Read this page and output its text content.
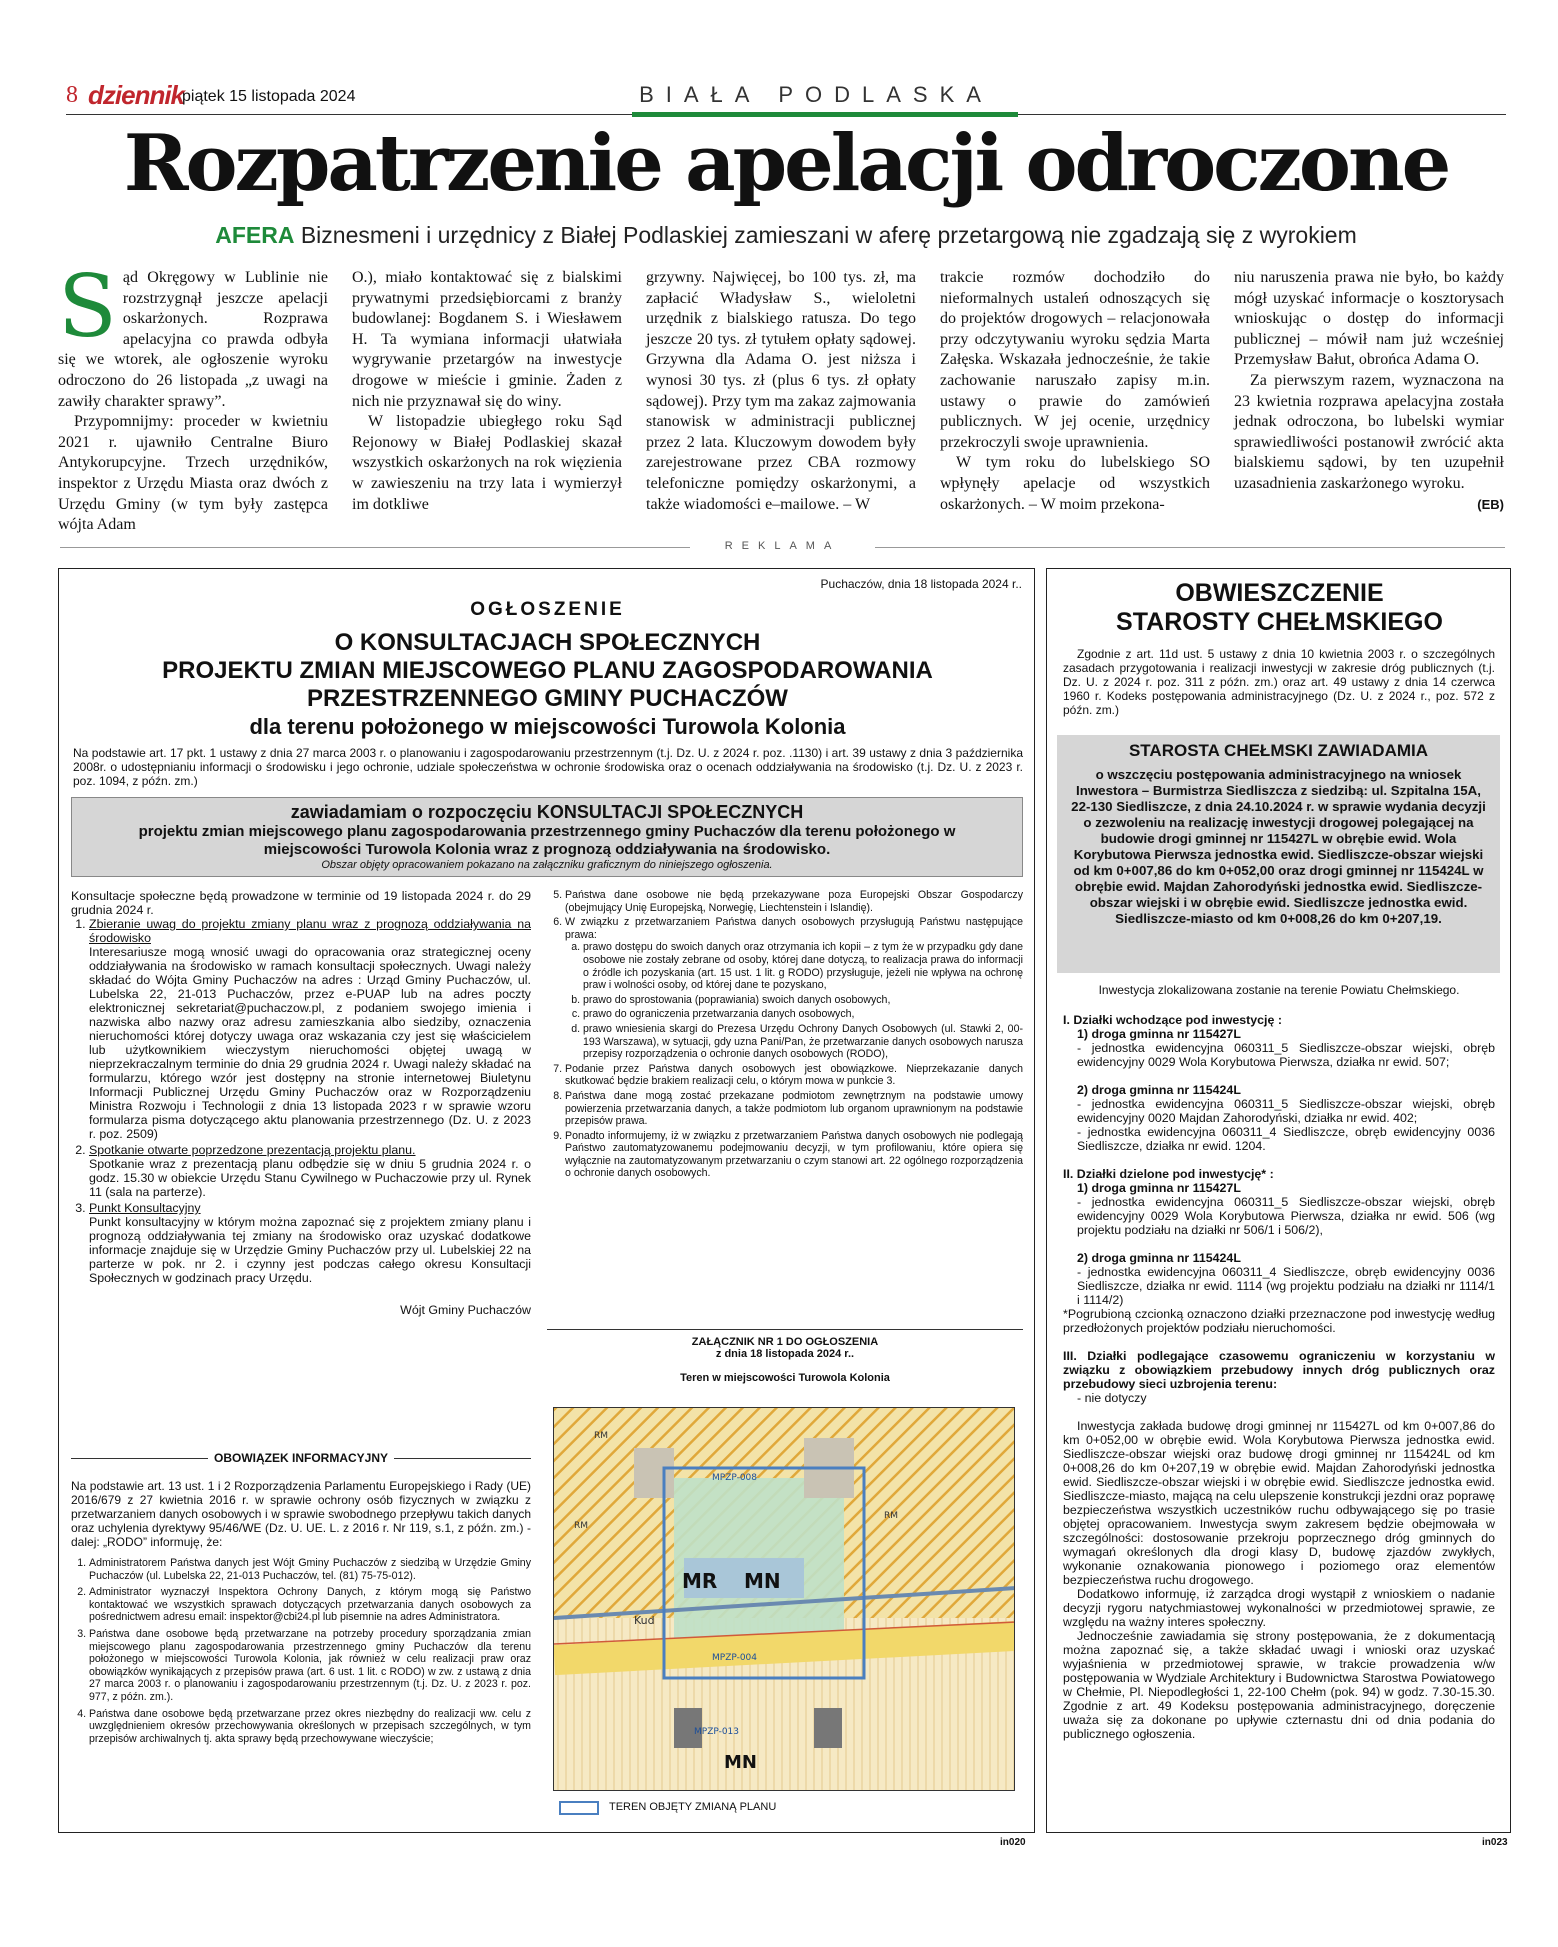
8 dziennik
piątek 15 listopada 2024	BIAŁA PODLASKA
Rozpatrzenie apelacji odroczone
AFERA Biznesmeni i urzędnicy z Białej Podlaskiej zamieszani w aferę przetargową nie zgadzają się z wyrokiem

Sąd Okręgowy w Lublinie nie rozstrzygnął jeszcze apelacji oskarżonych. Rozprawa apelacyjna co prawda odbyła się we wtorek, ale ogłoszenie wyroku odroczono do 26 listopada „z uwagi na zawiły charakter sprawy”.

Przypomnijmy: proceder w kwietniu 2021 r. ujawniło Centralne Biuro Antykorupcyjne. Trzech urzędników, inspektor z Urzędu Miasta oraz dwóch z Urzędu Gminy (w tym były zastępca wójta Adam

O.), miało kontaktować się z bialskimi prywatnymi przedsiębiorcami z branży budowlanej: Bogdanem S. i Wiesławem H. Ta wymiana informacji ułatwiała wygrywanie przetargów na inwestycje drogowe w mieście i gminie. Żaden z nich nie przyznawał się do winy.

W listopadzie ubiegłego roku Sąd Rejonowy w Białej Podlaskiej skazał wszystkich oskarżonych na rok więzienia w zawieszeniu na trzy lata i wymierzył im dotkliwe

grzywny. Najwięcej, bo 100 tys. zł, ma zapłacić Władysław S., wieloletni urzędnik z bialskiego ratusza. Do tego jeszcze 20 tys. zł tytułem opłaty sądowej. Grzywna dla Adama O. jest niższa i wynosi 30 tys. zł (plus 6 tys. zł opłaty sądowej). Przy tym ma zakaz zajmowania stanowisk w administracji publicznej przez 2 lata. Kluczowym dowodem były zarejestrowane przez CBA rozmowy telefoniczne pomiędzy oskarżonymi, a także wiadomości e–mailowe. – W

trakcie rozmów dochodziło do nieformalnych ustaleń odnoszących się do projektów drogowych – relacjonowała przy odczytywaniu wyroku sędzia Marta Załęska. Wskazała jednocześnie, że takie zachowanie naruszało zapisy m.in. ustawy o prawie do zamówień publicznych. W jej ocenie, urzędnicy przekroczyli swoje uprawnienia.

W tym roku do lubelskiego SO wpłynęły apelacje od wszystkich oskarżonych. – W moim przekona-

niu naruszenia prawa nie było, bo każdy mógł uzyskać informacje o kosztorysach wnioskując o dostęp do informacji publicznej – mówił nam już wcześniej Przemysław Bałut, obrońca Adama O.

Za pierwszym razem, wyznaczona na 23 kwietnia rozprawa apelacyjna została jednak odroczona, bo lubelski wymiar sprawiedliwości postanowił zwrócić akta bialskiemu sądowi, by ten uzupełnił uzasadnienia zaskarżonego wyroku.
(EB)

REKLAMA
Puchaczów, dnia 18 listopada 2024 r..
OGŁOSZENIE
O KONSULTACJACH SPOŁECZNYCH
PROJEKTU ZMIAN MIEJSCOWEGO PLANU ZAGOSPODAROWANIA
PRZESTRZENNEGO GMINY PUCHACZÓW
dla terenu położonego w miejscowości Turowola Kolonia
Na podstawie art. 17 pkt. 1 ustawy z dnia 27 marca 2003 r. o planowaniu i zagospodarowaniu przestrzennym (t.j. Dz. U. z 2024 r. poz. .1130) i art. 39 ustawy z dnia 3 października 2008r. o udostępnianiu informacji o środowisku i jego ochronie, udziale społeczeństwa w ochronie środowiska oraz o ocenach oddziaływania na środowisko (t.j. Dz. U. z 2023 r. poz. 1094, z późn. zm.)
zawiadamiam o rozpoczęciu KONSULTACJI SPOŁECZNYCH
projektu zmian miejscowego planu zagospodarowania przestrzennego gminy Puchaczów dla terenu położonego w miejscowości Turowola Kolonia wraz z prognozą oddziaływania na środowisko.
Obszar objęty opracowaniem pokazano na załączniku graficznym do niniejszego ogłoszenia.
Konsultacje społeczne będą prowadzone w terminie od 19 listopada 2024 r. do 29 grudnia 2024 r.
1. Zbieranie uwag do projektu zmiany planu wraz z prognozą oddziaływania na środowisko
Interesariusze mogą wnosić uwagi do opracowania oraz strategicznej oceny oddziaływania na środowisko w ramach konsultacji społecznych. Uwagi należy składać do Wójta Gminy Puchaczów na adres : Urząd Gminy Puchaczów, ul. Lubelska 22, 21-013 Puchaczów, przez e-PUAP lub na adres poczty elektronicznej sekretariat@puchaczow.pl, z podaniem swojego imienia i nazwiska albo nazwy oraz adresu zamieszkania albo siedziby, oznaczenia nieruchomości której dotyczy uwaga oraz wskazania czy jest się właścicielem lub użytkownikiem wieczystym nieruchomości objętej uwagą w nieprzekraczalnym terminie do dnia 29 grudnia 2024 r. Uwagi należy składać na formularzu, którego wzór jest dostępny na stronie internetowej Biuletynu Informacji Publicznej Urzędu Gminy Puchaczów oraz w Rozporządzeniu Ministra Rozwoju i Technologii z dnia 13 listopada 2023 r w sprawie wzoru formularza pisma dotyczącego aktu planowania przestrzennego (Dz. U. z 2023 r. poz. 2509)
2. Spotkanie otwarte poprzedzone prezentacją projektu planu.
Spotkanie wraz z prezentacją planu odbędzie się w dniu 5 grudnia 2024 r. o godz. 15.30 w obiekcie Urzędu Stanu Cywilnego w Puchaczowie przy ul. Rynek 11 (sala na parterze).
3. Punkt Konsultacyjny
Punkt konsultacyjny w którym można zapoznać się z projektem zmiany planu i prognozą oddziaływania tej zmiany na środowisko oraz uzyskać dodatkowe informacje znajduje się w Urzędzie Gminy Puchaczów przy ul. Lubelskiej 22 na parterze w pok. nr 2. i czynny jest podczas całego okresu Konsultacji Społecznych w godzinach pracy Urzędu.
Wójt Gminy Puchaczów
OBOWIĄZEK INFORMACYJNY
Na podstawie art. 13 ust. 1 i 2 Rozporządzenia Parlamentu Europejskiego i Rady (UE) 2016/679 z 27 kwietnia 2016 r. w sprawie ochrony osób fizycznych w związku z przetwarzaniem danych osobowych i w sprawie swobodnego przepływu takich danych oraz uchylenia dyrektywy 95/46/WE (Dz. U. UE. L. z 2016 r. Nr 119, s.1, z późn. zm.) - dalej: „RODO” informuję, że:
1. Administratorem Państwa danych jest Wójt Gminy Puchaczów z siedzibą w Urzędzie Gminy Puchaczów (ul. Lubelska 22, 21-013 Puchaczów, tel. (81) 75-75-012).
2. Administrator wyznaczył Inspektora Ochrony Danych, z którym mogą się Państwo kontaktować we wszystkich sprawach dotyczących przetwarzania danych osobowych za pośrednictwem adresu email: inspektor@cbi24.pl lub pisemnie na adres Administratora.
3. Państwa dane osobowe będą przetwarzane na potrzeby procedury sporządzania zmian miejscowego planu zagospodarowania przestrzennego gminy Puchaczów dla terenu położonego w miejscowości Turowola Kolonia, jak również w celu realizacji praw oraz obowiązków wynikających z przepisów prawa (art. 6 ust. 1 lit. c RODO) w zw. z ustawą z dnia 27 marca 2003 r. o planowaniu i zagospodarowaniu przestrzennym (t.j. Dz. U. z 2023 r. poz. 977, z późn. zm.).
4. Państwa dane osobowe będą przetwarzane przez okres niezbędny do realizacji ww. celu z uwzględnieniem okresów przechowywania określonych w przepisach szczególnych, w tym przepisów archiwalnych tj. akta sprawy będą przechowywane wieczyście;
5. Państwa dane osobowe nie będą przekazywane poza Europejski Obszar Gospodarczy (obejmujący Unię Europejską, Norwegię, Liechtenstein i Islandię).
6. W związku z przetwarzaniem Państwa danych osobowych przysługują Państwu następujące prawa:
a. prawo dostępu do swoich danych oraz otrzymania ich kopii – z tym że w przypadku gdy dane osobowe nie zostały zebrane od osoby, której dane dotyczą, to realizacja prawa do informacji o źródle ich pozyskania (art. 15 ust. 1 lit. g RODO) przysługuje, jeżeli nie wpływa na ochronę praw i wolności osoby, od której dane te pozyskano,
b. prawo do sprostowania (poprawiania) swoich danych osobowych,
c. prawo do ograniczenia przetwarzania danych osobowych,
d. prawo wniesienia skargi do Prezesa Urzędu Ochrony Danych Osobowych (ul. Stawki 2, 00-193 Warszawa), w sytuacji, gdy uzna Pani/Pan, że przetwarzanie danych osobowych narusza przepisy rozporządzenia o ochronie danych osobowych (RODO),
7. Podanie przez Państwa danych osobowych jest obowiązkowe. Nieprzekazanie danych skutkować będzie brakiem realizacji celu, o którym mowa w punkcie 3.
8. Państwa dane mogą zostać przekazane podmiotom zewnętrznym na podstawie umowy powierzenia przetwarzania danych, a także podmiotom lub organom uprawnionym na podstawie przepisów prawa.
9. Ponadto informujemy, iż w związku z przetwarzaniem Państwa danych osobowych nie podlegają Państwo zautomatyzowanemu podejmowaniu decyzji, w tym profilowaniu, które opiera się wyłącznie na zautomatyzowanym przetwarzaniu o czym stanowi art. 22 ogólnego rozporządzenia o ochronie danych osobowych.
ZAŁĄCZNIK NR 1 DO OGŁOSZENIA
z dnia 18 listopada 2024 r..
Teren w miejscowości Turowola Kolonia
MPZP-008
MPZP-004
MPZP-013
MR MN
MN
RM
RM
RM
Kud
TEREN OBJĘTY ZMIANĄ PLANU
in020
OBWIESZCZENIE
STAROSTY CHEŁMSKIEGO
Zgodnie z art. 11d ust. 5 ustawy z dnia 10 kwietnia 2003 r. o szczególnych zasadach przygotowania i realizacji inwestycji w zakresie dróg publicznych (t.j. Dz. U. z 2024 r. poz. 311 z późn. zm.) oraz art. 49 ustawy z dnia 14 czerwca 1960 r. Kodeks postępowania administracyjnego (Dz. U. z 2024 r., poz. 572 z późn. zm.)
STAROSTA CHEŁMSKI ZAWIADAMIA
o wszczęciu postępowania administracyjnego na wniosek Inwestora – Burmistrza Siedliszcza z siedzibą: ul. Szpitalna 15A, 22-130 Siedliszcze, z dnia 24.10.2024 r. w sprawie wydania decyzji o zezwoleniu na realizację inwestycji drogowej polegającej na budowie drogi gminnej nr 115427L w obrębie ewid. Wola Korybutowa Pierwsza jednostka ewid. Siedliszcze-obszar wiejski od km 0+007,86 do km 0+052,00 oraz drogi gminnej nr 115424L w obrębie ewid. Majdan Zahorodyński jednostka ewid. Siedliszcze-obszar wiejski i w obrębie ewid. Siedliszcze jednostka ewid. Siedliszcze-miasto od km 0+008,26 do km 0+207,19.
Inwestycja zlokalizowana zostanie na terenie Powiatu Chełmskiego.
I. Działki wchodzące pod inwestycję :
1) droga gminna nr 115427L
- jednostka ewidencyjna 060311_5 Siedliszcze-obszar wiejski, obręb ewidencyjny 0029 Wola Korybutowa Pierwsza, działka nr ewid. 507;
2) droga gminna nr 115424L
- jednostka ewidencyjna 060311_5 Siedliszcze-obszar wiejski, obręb ewidencyjny 0020 Majdan Zahorodyński, działka nr ewid. 402;
- jednostka ewidencyjna 060311_4 Siedliszcze, obręb ewidencyjny 0036 Siedliszcze, działka nr ewid. 1204.
II. Działki dzielone pod inwestycję* :
1) droga gminna nr 115427L
- jednostka ewidencyjna 060311_5 Siedliszcze-obszar wiejski, obręb ewidencyjny 0029 Wola Korybutowa Pierwsza, działka nr ewid. 506 (wg projektu podziału na działki nr 506/1 i 506/2),
2) droga gminna nr 115424L
- jednostka ewidencyjna 060311_4 Siedliszcze, obręb ewidencyjny 0036 Siedliszcze, działka nr ewid. 1114 (wg projektu podziału na działki nr 1114/1 i 1114/2)
*Pogrubioną czcionką oznaczono działki przeznaczone pod inwestycję według przedłożonych projektów podziału nieruchomości.
III. Działki podlegające czasowemu ograniczeniu w korzystaniu w związku z obowiązkiem przebudowy innych dróg publicznych oraz przebudowy sieci uzbrojenia terenu:
- nie dotyczy
Inwestycja zakłada budowę drogi gminnej nr 115427L od km 0+007,86 do km 0+052,00 w obrębie ewid. Wola Korybutowa Pierwsza jednostka ewid. Siedliszcze-obszar wiejski oraz budowę drogi gminnej nr 115424L od km 0+008,26 do km 0+207,19 w obrębie ewid. Majdan Zahorodyński jednostka ewid. Siedliszcze-obszar wiejski i w obrębie ewid. Siedliszcze jednostka ewid. Siedliszcze-miasto, mającą na celu ulepszenie konstrukcji jezdni oraz poprawę bezpieczeństwa wszystkich uczestników ruchu odbywającego się po trasie objętej opracowaniem. Inwestycja swym zakresem będzie obejmowała w szczególności: dostosowanie przekroju poprzecznego dróg gminnych do wymagań określonych dla drogi klasy D, budowę zjazdów zwykłych, wykonanie oznakowania pionowego i poziomego oraz elementów bezpieczeństwa ruchu drogowego.
Dodatkowo informuję, iż zarządca drogi wystąpił z wnioskiem o nadanie decyzji rygoru natychmiastowej wykonalności w przedmiotowej sprawie, ze względu na ważny interes społeczny.
Jednocześnie zawiadamia się strony postępowania, że z dokumentacją można zapoznać się, a także składać uwagi i wnioski oraz uzyskać wyjaśnienia w przedmiotowej sprawie, w trakcie prowadzenia w/w postępowania w Wydziale Architektury i Budownictwa Starostwa Powiatowego w Chełmie, Pl. Niepodległości 1, 22-100 Chełm (pok. 94) w godz. 7.30-15.30. Zgodnie z art. 49 Kodeksu postępowania administracyjnego, doręczenie uważa się za dokonane po upływie czternastu dni od dnia podania do publicznego ogłoszenia.
in023
